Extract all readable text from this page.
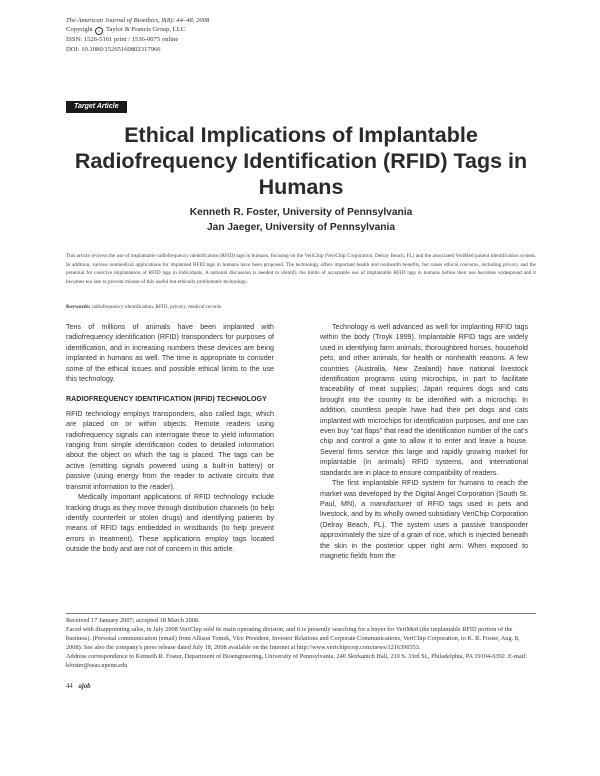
The American Journal of Bioethics, 8(8): 44–48, 2008
Copyright c Taylor & Francis Group, LLC
ISSN: 1526-5161 print / 1536-0075 online
DOI: 10.1080/15265160802317966
Target Article
Ethical Implications of Implantable Radiofrequency Identification (RFID) Tags in Humans
Kenneth R. Foster, University of Pennsylvania
Jan Jaeger, University of Pennsylvania
This article reviews the use of implantable radiofrequency identification (RFID) tags in humans, focusing on the VeriChip (VeriChip Corporation, Delray Beach, FL) and the associated VeriMed patient identification system. In addition, various nonmedical applications for implanted RFID tags in humans have been proposed. The technology offers important health and nonhealth benefits, but raises ethical concerns, including privacy and the potential for coercive implantation of RFID tags in individuals. A national discussion is needed to identify the limits of acceptable use of implantable RFID tags in humans before their use becomes widespread and it becomes too late to prevent misuse of this useful but ethically problematic technology.
Keywords: radiofrequency identification, RFID, privacy, medical records

Tens of millions of animals have been implanted with radiofrequency identification (RFID) transponders for purposes of identification, and in increasing numbers these devices are being implanted in humans as well. The time is appropriate to consider some of the ethical issues and possible ethical limits to the use this technology.

RADIOFREQUENCY IDENTIFICATION (RFID) TECHNOLOGY

RFID technology employs transponders, also called tags, which are placed on or within objects. Remote readers using radiofrequency signals can interrogate these to yield information ranging from simple identification codes to detailed information about the object on which the tag is placed. The tags can be active (emitting signals powered using a built-in battery) or passive (using energy from the reader to activate circuits that transmit information to the reader).

Medically important applications of RFID technology include tracking drugs as they move through distribution channels (to help identify counterfeit or stolen drugs) and identifying patients by means of RFID tags embedded in wristbands (to help prevent errors in treatment). These applications employ tags located outside the body and are not of concern in this article.

Technology is well advanced as well for implanting RFID tags within the body (Troyk 1999). Implantable RFID tags are widely used in identifying farm animals, thoroughbred horses, household pets, and other animals, for health or nonhealth reasons. A few countries (Australia, New Zealand) have national livestock identification programs using microchips, in part to facilitate traceability of meat supplies; Japan requires dogs and cats brought into the country to be identified with a microchip. In addition, countless people have had their pet dogs and cats implanted with microchips for identification purposes, and one can even buy “cat flaps” that read the identification number of the cat’s chip and control a gate to allow it to enter and leave a house. Several firms service this large and rapidly growing market for implantable (in animals) RFID systems, and international standards are in place to ensure compatibility of readers.

The first implantable RFID system for humans to reach the market was developed by the Digital Angel Corporation (South St. Paul, MN), a manufacturer of RFID tags used in pets and livestock, and by its wholly owned subsidiary VeriChip Corporation (Delray Beach, FL). The system uses a passive transponder approximately the size of a grain of rice, which is injected beneath the skin in the posterior upper right arm. When exposed to magnetic fields from the

Received 17 January 2007; accepted 18 March 2008.
Faced with disappointing sales, in July 2008 VeriChip sold its main operating division, and it is presently searching for a buyer for VeriMed (the implantable RFID portion of the business). (Personal communication (email) from Allison Tomek, Vice President, Investor Relations and Corporate Communications, VeriChip Corporation, to K. R. Foster, Aug. 8, 2008). See also the company's press release dated July 18, 2008 available on the Internet at http://www.verichipcorp.com/news/1216390353.
Address correspondence to Kenneth R. Foster, Department of Bioengineering, University of Pennsylvania, 240 Skirkanich Hall, 210 S. 33rd St., Philadelphia, PA 19104-6392. E-mail: kfoster@seas.upenn.edu
44 ajob
